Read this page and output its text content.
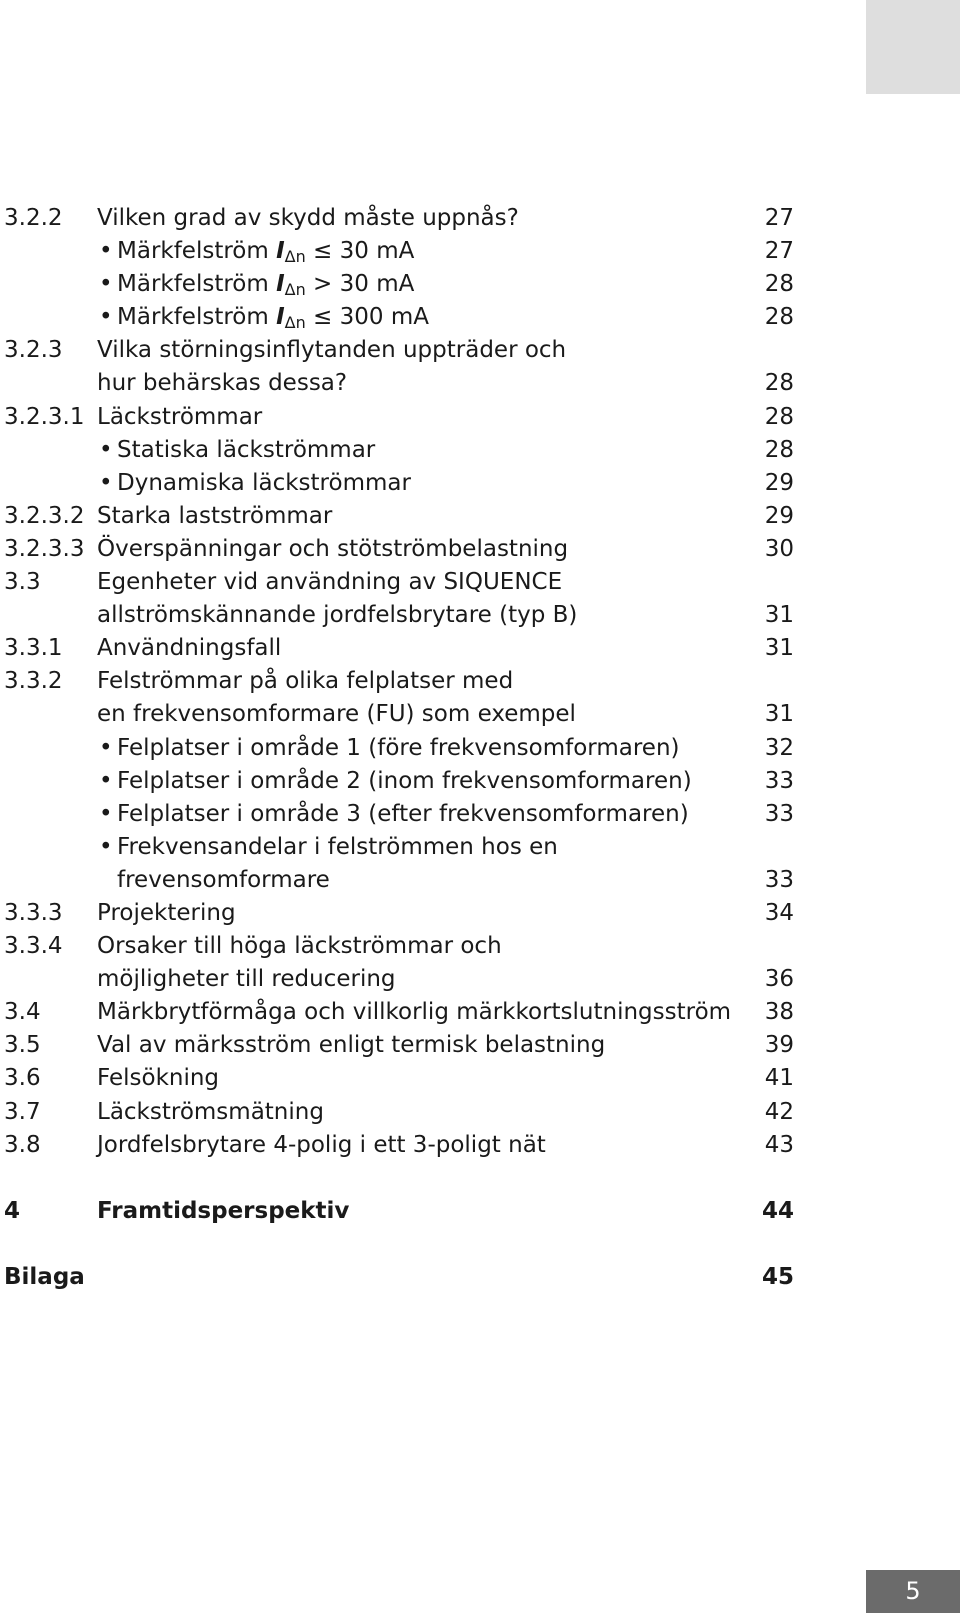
3.2.2 Vilken grad av skydd måste uppnås?	27
• Märkfelström IΔn ≤ 30 mA	27
• Märkfelström IΔn > 30 mA	28
• Märkfelström IΔn ≤ 300 mA	28
3.2.3 Vilka störningsinflytanden uppträder och
hur behärskas dessa?	28
3.2.3.1 Läckströmmar	28
• Statiska läckströmmar	28
• Dynamiska läckströmmar	29
3.2.3.2 Starka lastströmmar	29
3.2.3.3 Överspänningar och stötströmbelastning	30
3.3 Egenheter vid användning av SIQUENCE
allströmskännande jordfelsbrytare (typ B)	31
3.3.1 Användningsfall	31
3.3.2 Felströmmar på olika felplatser med
en frekvensomformare (FU) som exempel	31
• Felplatser i område 1 (före frekvensomformaren)	32
• Felplatser i område 2 (inom frekvensomformaren)	33
• Felplatser i område 3 (efter frekvensomformaren)	33
• Frekvensandelar i felströmmen hos en
frevensomformare	33
3.3.3 Projektering	34
3.3.4 Orsaker till höga läckströmmar och
möjligheter till reducering	36
3.4 Märkbrytförmåga och villkorlig märkkortslutningsström 38
3.5 Val av märksström enligt termisk belastning	39
3.6 Felsökning	41
3.7 Läckströmsmätning	42
3.8 Jordfelsbrytare 4-polig i ett 3-poligt nät	43
4	Framtidsperspektiv	44
Bilaga	45
5
